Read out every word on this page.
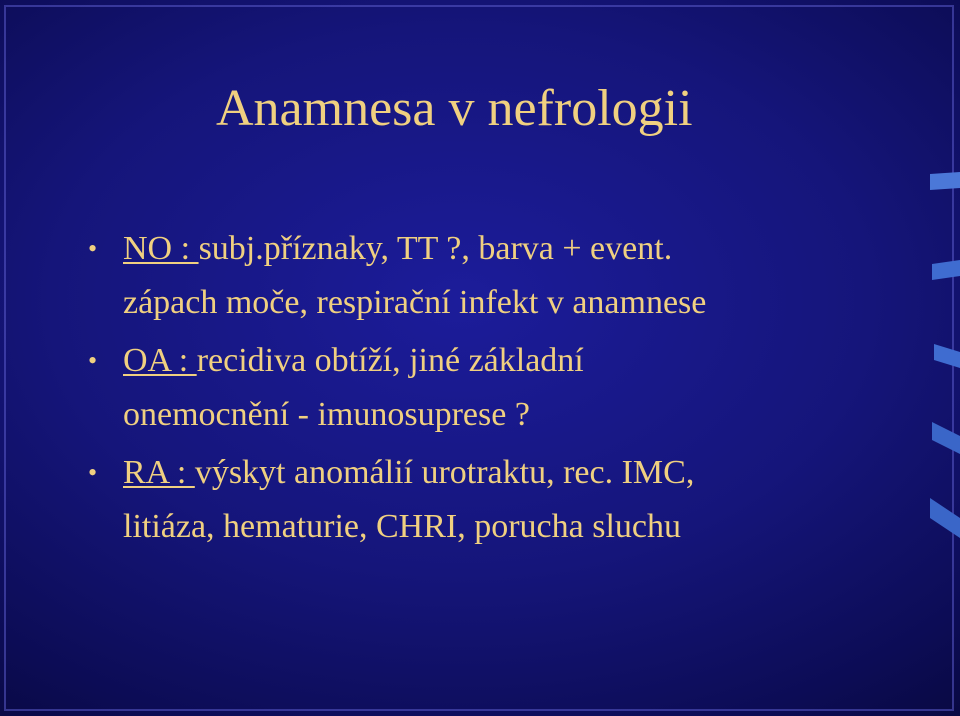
Anamnesa v nefrologii
• NO : subj.příznaky, TT ?, barva + event.
zápach moče, respirační infekt v anamnese
• OA : recidiva obtíží, jiné základní
onemocnění - imunosuprese ?
• RA : výskyt anomálií urotraktu, rec. IMC,
litiáza, hematurie, CHRI, porucha sluchu
